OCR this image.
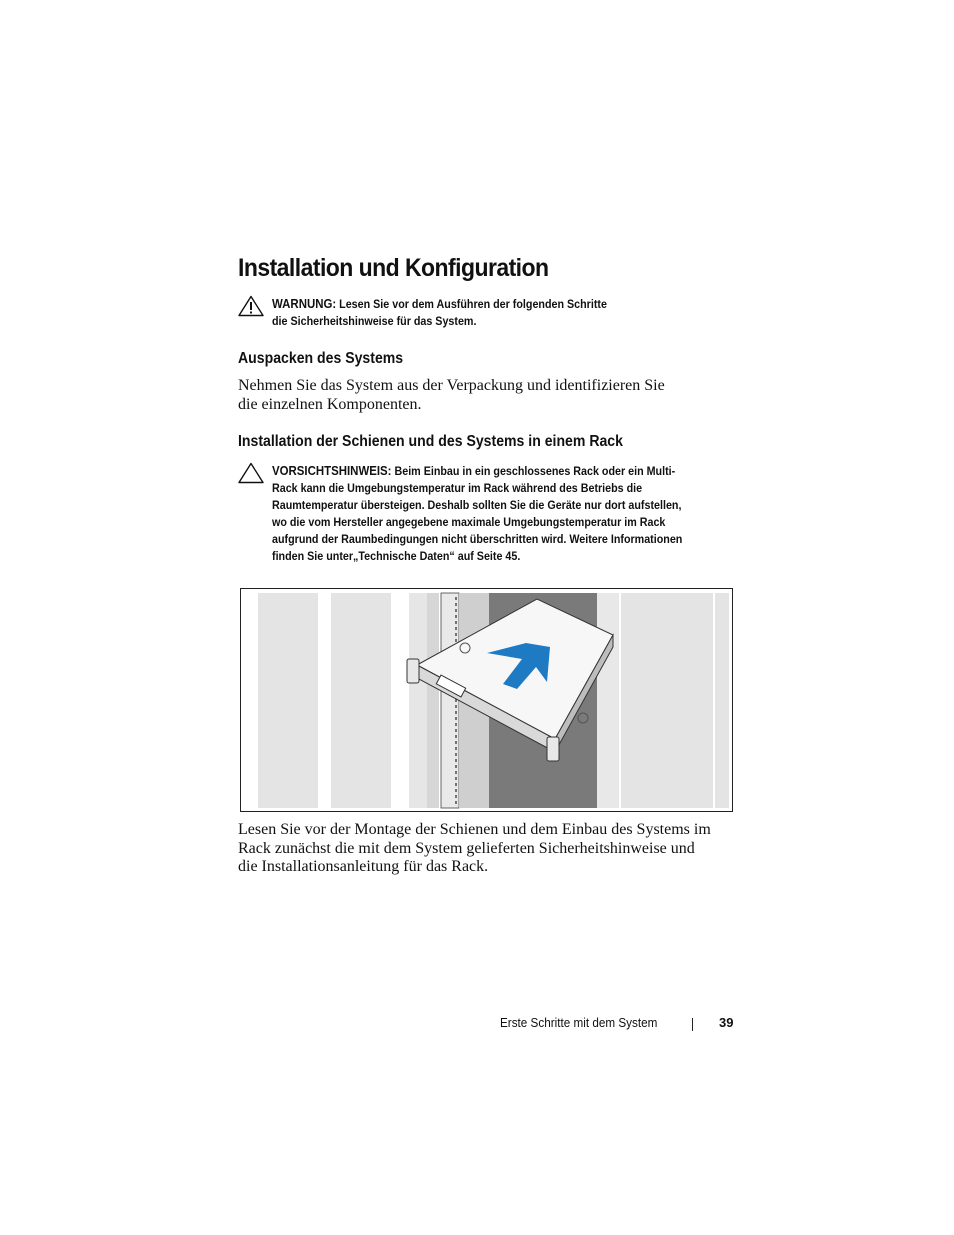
Installation und Konfiguration
WARNUNG: Lesen Sie vor dem Ausführen der folgenden Schritte
die Sicherheitshinweise für das System.
Auspacken des Systems
Nehmen Sie das System aus der Verpackung und identifizieren Sie
die einzelnen Komponenten.
Installation der Schienen und des Systems in einem Rack
VORSICHTSHINWEIS: Beim Einbau in ein geschlossenes Rack oder ein Multi-
Rack kann die Umgebungstemperatur im Rack während des Betriebs die
Raumtemperatur übersteigen. Deshalb sollten Sie die Geräte nur dort aufstellen,
wo die vom Hersteller angegebene maximale Umgebungstemperatur im Rack
aufgrund der Raumbedingungen nicht überschritten wird. Weitere Informationen
finden Sie unter„Technische Daten“ auf Seite 45.
Lesen Sie vor der Montage der Schienen und dem Einbau des Systems im
Rack zunächst die mit dem System gelieferten Sicherheitshinweise und
die Installationsanleitung für das Rack.
Erste Schritte mit dem System	39
